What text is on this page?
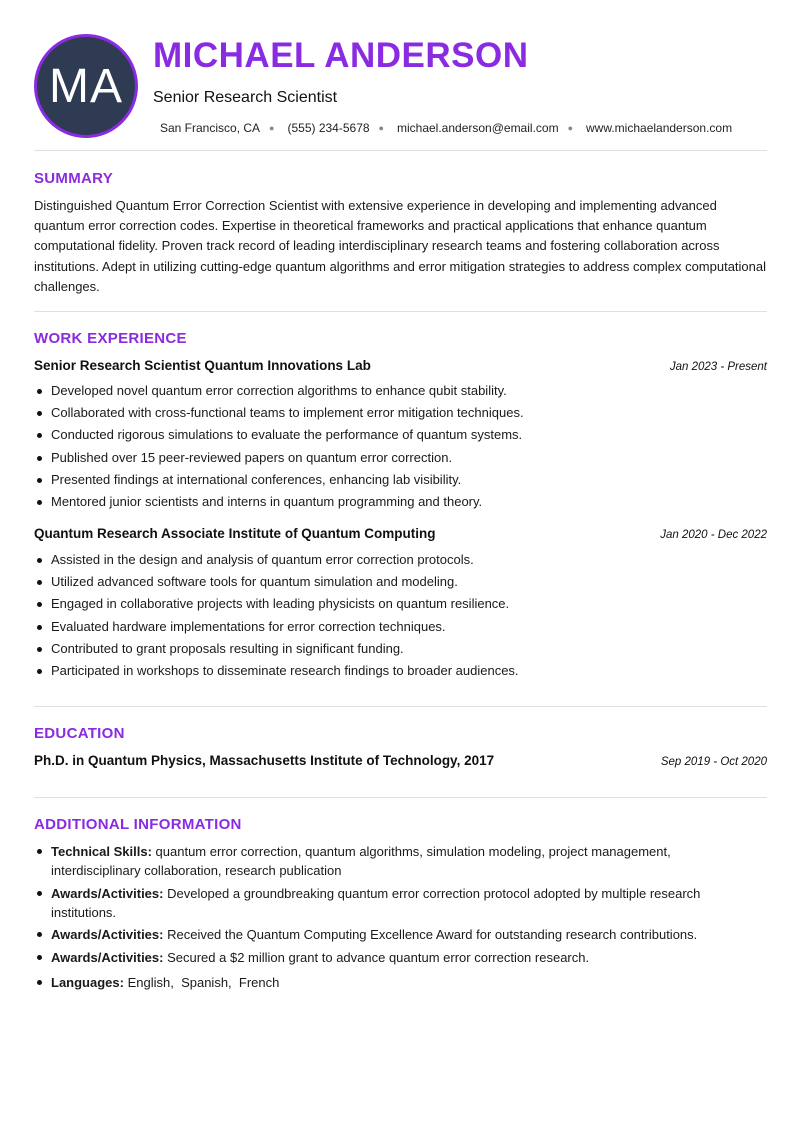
MA
MICHAEL ANDERSON
Senior Research Scientist
San Francisco, CA ● (555) 234-5678 ● michael.anderson@email.com ● www.michaelanderson.com
SUMMARY

Distinguished Quantum Error Correction Scientist with extensive experience in developing and implementing advanced quantum error correction codes. Expertise in theoretical frameworks and practical applications that enhance quantum computational fidelity. Proven track record of leading interdisciplinary research teams and fostering collaboration across institutions. Adept in utilizing cutting-edge quantum algorithms and error mitigation strategies to address complex computational challenges.

WORK EXPERIENCE
Senior Research Scientist Quantum Innovations Lab	Jan 2023 - Present
Developed novel quantum error correction algorithms to enhance qubit stability.
Collaborated with cross-functional teams to implement error mitigation techniques.
Conducted rigorous simulations to evaluate the performance of quantum systems.
Published over 15 peer-reviewed papers on quantum error correction.
Presented findings at international conferences, enhancing lab visibility.
Mentored junior scientists and interns in quantum programming and theory.
Quantum Research Associate Institute of Quantum Computing	Jan 2020 - Dec 2022
Assisted in the design and analysis of quantum error correction protocols.
Utilized advanced software tools for quantum simulation and modeling.
Engaged in collaborative projects with leading physicists on quantum resilience.
Evaluated hardware implementations for error correction techniques.
Contributed to grant proposals resulting in significant funding.
Participated in workshops to disseminate research findings to broader audiences.
EDUCATION
Ph.D. in Quantum Physics, Massachusetts Institute of Technology, 2017	Sep 2019 - Oct 2020
ADDITIONAL INFORMATION
Technical Skills: quantum error correction, quantum algorithms, simulation modeling, project management, interdisciplinary collaboration, research publication
Awards/Activities: Developed a groundbreaking quantum error correction protocol adopted by multiple research institutions.
Awards/Activities: Received the Quantum Computing Excellence Award for outstanding research contributions.
Awards/Activities: Secured a $2 million grant to advance quantum error correction research.
Languages: English,  Spanish,  French
